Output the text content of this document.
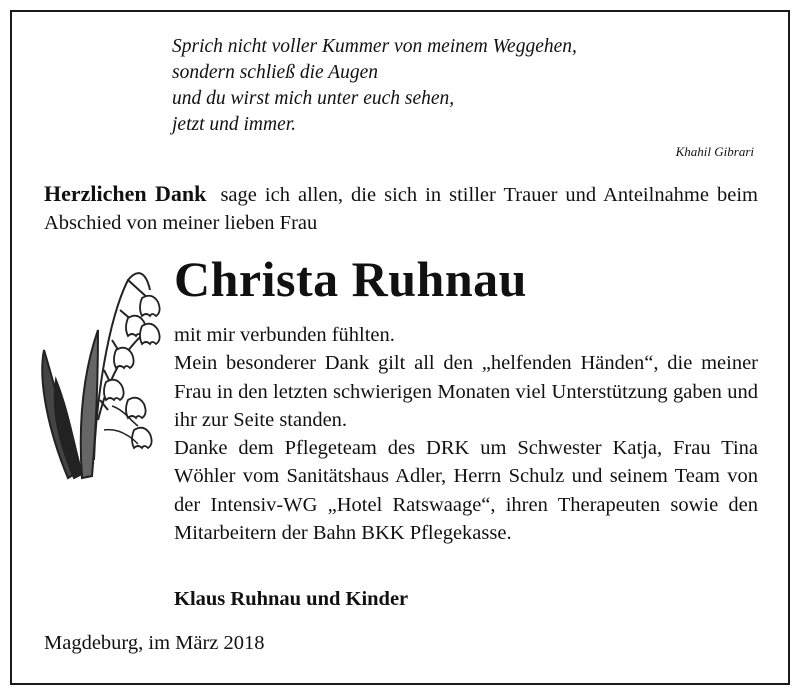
Sprich nicht voller Kummer von meinem Weggehen,
sondern schließ die Augen
und du wirst mich unter euch sehen,
jetzt und immer.
Khahil Gibrari
Herzlichen Dank sage ich allen, die sich in stiller Trauer und Anteilnahme beim Abschied von meiner lieben Frau
Christa Ruhnau
mit mir verbunden fühlten.
Mein besonderer Dank gilt all den „helfenden Händen“, die meiner Frau in den letzten schwierigen Monaten viel Unterstützung gaben und ihr zur Seite standen.
Danke dem Pflegeteam des DRK um Schwester Katja, Frau Tina Wöhler vom Sanitätshaus Adler, Herrn Schulz und seinem Team von der Intensiv-WG „Hotel Ratswaage“, ihren Therapeuten sowie den Mitarbeitern der Bahn BKK Pflegekasse.
Klaus Ruhnau und Kinder
Magdeburg, im März 2018
